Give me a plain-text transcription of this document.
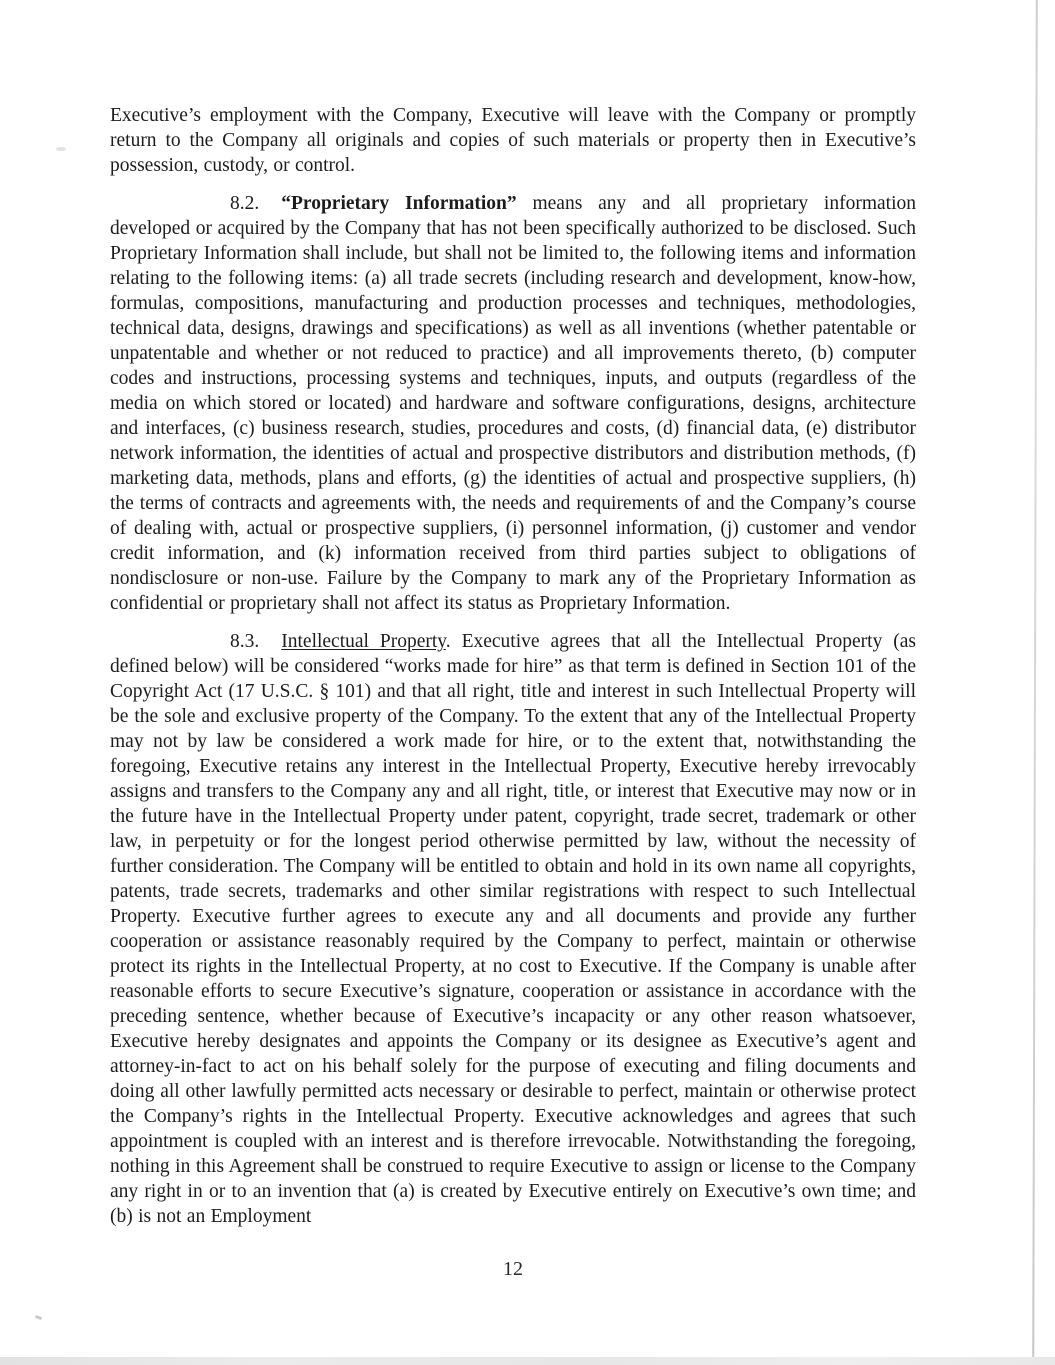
Executive’s employment with the Company, Executive will leave with the Company or promptly return to the Company all originals and copies of such materials or property then in Executive’s possession, custody, or control.

8.2. “Proprietary Information” means any and all proprietary information developed or acquired by the Company that has not been specifically authorized to be disclosed. Such Proprietary Information shall include, but shall not be limited to, the following items and information relating to the following items: (a) all trade secrets (including research and development, know-how, formulas, compositions, manufacturing and production processes and techniques, methodologies, technical data, designs, drawings and specifications) as well as all inventions (whether patentable or unpatentable and whether or not reduced to practice) and all improvements thereto, (b) computer codes and instructions, processing systems and techniques, inputs, and outputs (regardless of the media on which stored or located) and hardware and software configurations, designs, architecture and interfaces, (c) business research, studies, procedures and costs, (d) financial data, (e) distributor network information, the identities of actual and prospective distributors and distribution methods, (f) marketing data, methods, plans and efforts, (g) the identities of actual and prospective suppliers, (h) the terms of contracts and agreements with, the needs and requirements of and the Company’s course of dealing with, actual or prospective suppliers, (i) personnel information, (j) customer and vendor credit information, and (k) information received from third parties subject to obligations of nondisclosure or non-use. Failure by the Company to mark any of the Proprietary Information as confidential or proprietary shall not affect its status as Proprietary Information.

8.3. Intellectual Property. Executive agrees that all the Intellectual Property (as defined below) will be considered “works made for hire” as that term is defined in Section 101 of the Copyright Act (17 U.S.C. § 101) and that all right, title and interest in such Intellectual Property will be the sole and exclusive property of the Company. To the extent that any of the Intellectual Property may not by law be considered a work made for hire, or to the extent that, notwithstanding the foregoing, Executive retains any interest in the Intellectual Property, Executive hereby irrevocably assigns and transfers to the Company any and all right, title, or interest that Executive may now or in the future have in the Intellectual Property under patent, copyright, trade secret, trademark or other law, in perpetuity or for the longest period otherwise permitted by law, without the necessity of further consideration. The Company will be entitled to obtain and hold in its own name all copyrights, patents, trade secrets, trademarks and other similar registrations with respect to such Intellectual Property. Executive further agrees to execute any and all documents and provide any further cooperation or assistance reasonably required by the Company to perfect, maintain or otherwise protect its rights in the Intellectual Property, at no cost to Executive. If the Company is unable after reasonable efforts to secure Executive’s signature, cooperation or assistance in accordance with the preceding sentence, whether because of Executive’s incapacity or any other reason whatsoever, Executive hereby designates and appoints the Company or its designee as Executive’s agent and attorney-in-fact to act on his behalf solely for the purpose of executing and filing documents and doing all other lawfully permitted acts necessary or desirable to perfect, maintain or otherwise protect the Company’s rights in the Intellectual Property. Executive acknowledges and agrees that such appointment is coupled with an interest and is therefore irrevocable. Notwithstanding the foregoing, nothing in this Agreement shall be construed to require Executive to assign or license to the Company any right in or to an invention that (a) is created by Executive entirely on Executive’s own time; and (b) is not an Employment

12
